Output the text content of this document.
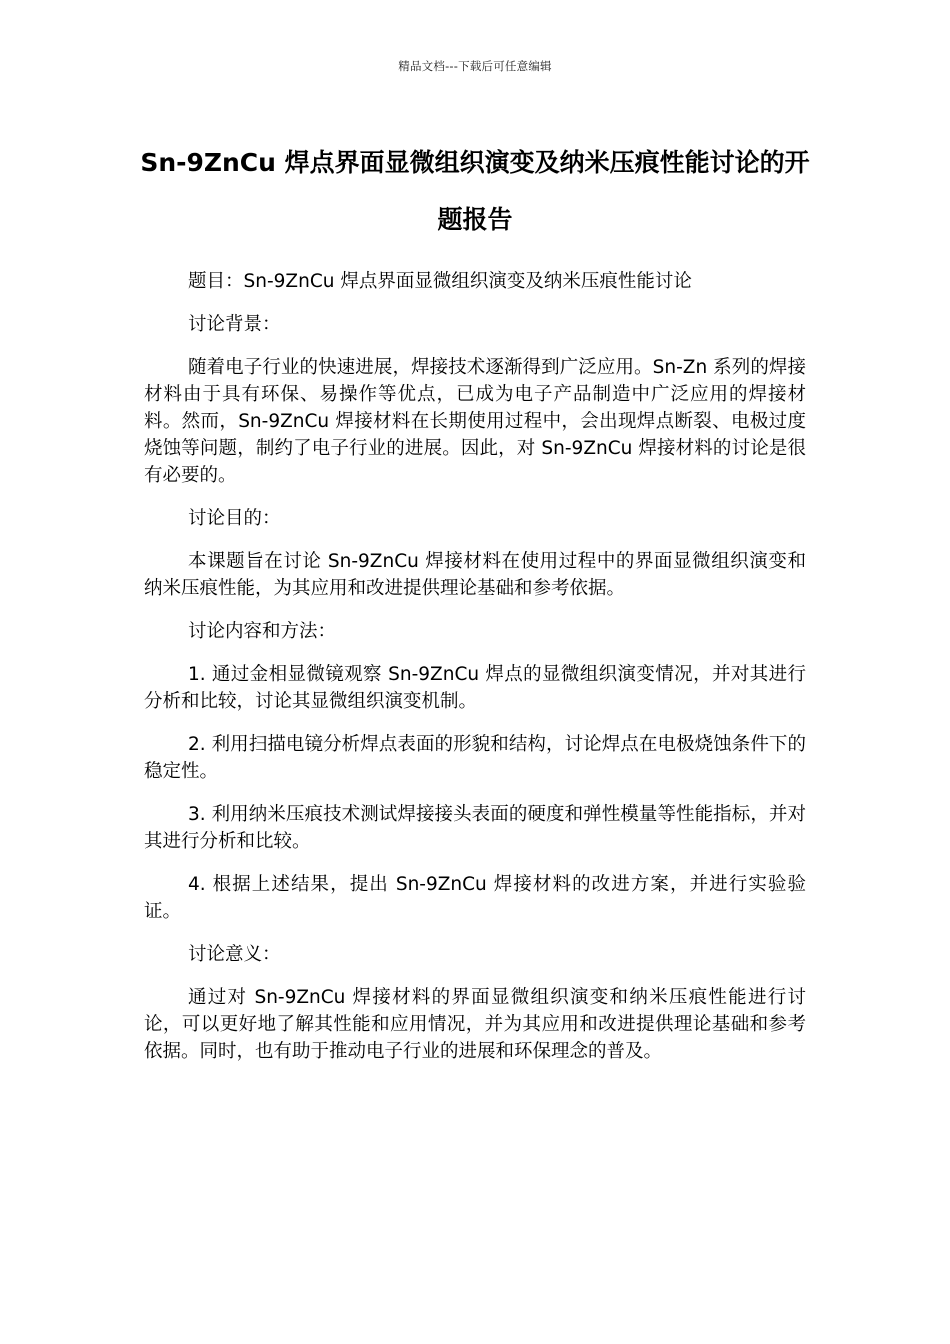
精品文档---下载后可任意编辑
Sn-9ZnCu 焊点界面显微组织演变及纳米压痕性能讨论的开题报告

题目：Sn-9ZnCu 焊点界面显微组织演变及纳米压痕性能讨论

讨论背景：

随着电子行业的快速进展，焊接技术逐渐得到广泛应用。Sn-Zn 系列的焊接材料由于具有环保、易操作等优点，已成为电子产品制造中广泛应用的焊接材料。然而，Sn-9ZnCu 焊接材料在长期使用过程中，会出现焊点断裂、电极过度烧蚀等问题，制约了电子行业的进展。因此，对 Sn-9ZnCu 焊接材料的讨论是很有必要的。

讨论目的：

本课题旨在讨论 Sn-9ZnCu 焊接材料在使用过程中的界面显微组织演变和纳米压痕性能，为其应用和改进提供理论基础和参考依据。

讨论内容和方法：

1. 通过金相显微镜观察 Sn-9ZnCu 焊点的显微组织演变情况，并对其进行分析和比较，讨论其显微组织演变机制。

2. 利用扫描电镜分析焊点表面的形貌和结构，讨论焊点在电极烧蚀条件下的稳定性。

3. 利用纳米压痕技术测试焊接接头表面的硬度和弹性模量等性能指标，并对其进行分析和比较。

4. 根据上述结果，提出 Sn-9ZnCu 焊接材料的改进方案，并进行实验验证。

讨论意义：

通过对 Sn-9ZnCu 焊接材料的界面显微组织演变和纳米压痕性能进行讨论，可以更好地了解其性能和应用情况，并为其应用和改进提供理论基础和参考依据。同时，也有助于推动电子行业的进展和环保理念的普及。
